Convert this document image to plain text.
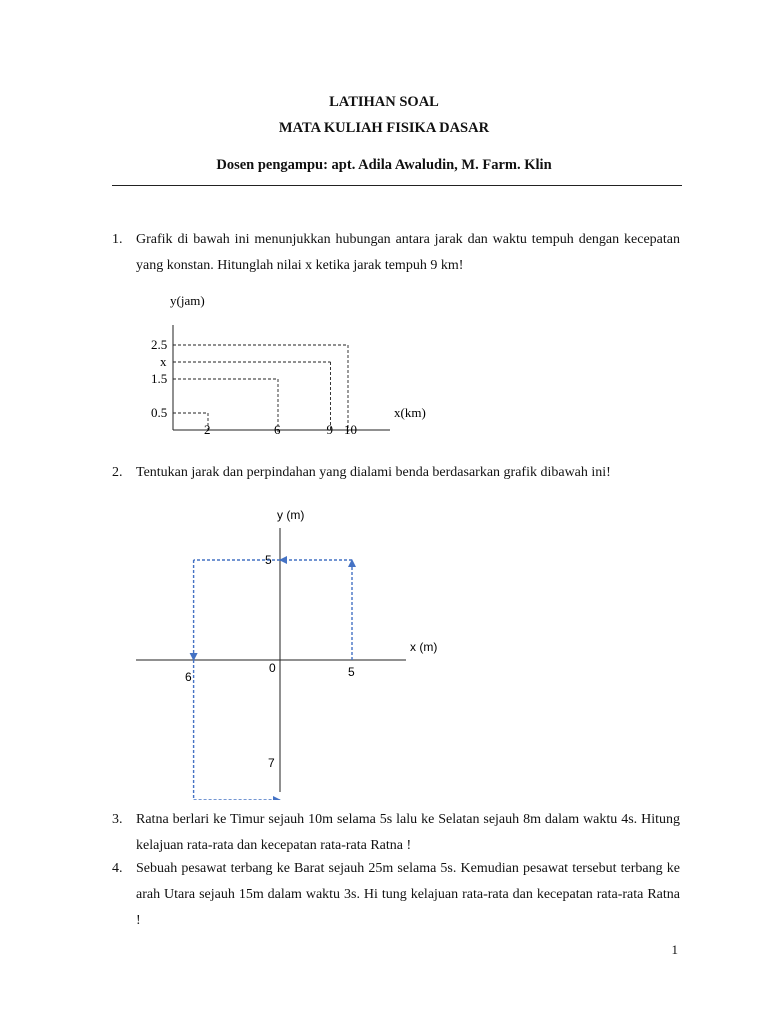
LATIHAN SOAL
MATA KULIAH FISIKA DASAR
Dosen pengampu: apt. Adila Awaludin, M. Farm. Klin
1. Grafik di bawah ini menunjukkan hubungan antara jarak dan waktu tempuh dengan kecepatan yang konstan. Hitunglah nilai x ketika jarak tempuh 9 km!
y(jam)
x(km)
0.5
1.5
x
2.5
2	6	9 10
2. Tentukan jarak dan perpindahan yang dialami benda berdasarkan grafik dibawah ini!
y (m)
x (m)
0
5
5
6
7
3. Ratna berlari ke Timur sejauh 10m selama 5s lalu ke Selatan sejauh 8m dalam waktu 4s. Hitung kelajuan rata-rata dan kecepatan rata-rata Ratna !
4. Sebuah pesawat terbang ke Barat sejauh 25m selama 5s. Kemudian pesawat tersebut terbang ke arah Utara sejauh 15m dalam waktu 3s. Hi tung kelajuan rata-rata dan kecepatan rata-rata Ratna !
1
